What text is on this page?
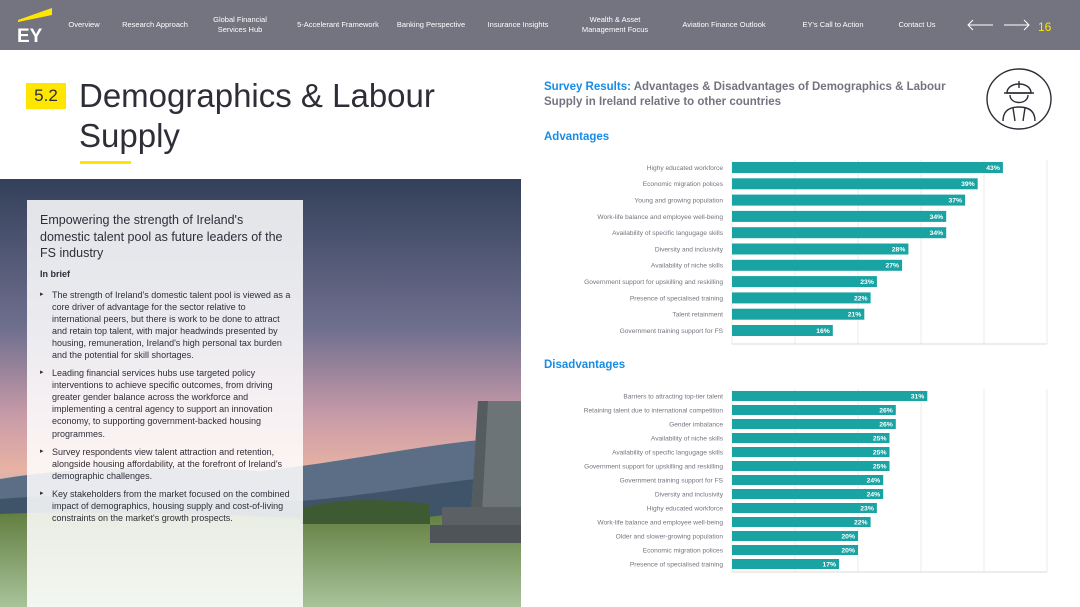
EY
Overview	Research Approach
Global Financial Services Hub
5-Accelerant Framework	Banking Perspective	Insurance Insights
Wealth & Asset Management Focus
Aviation Finance Outlook	EY's Call to Action	Contact Us	16
5.2 Demographics & Labour Supply
Empowering the strength of Ireland's domestic talent pool as future leaders of the FS industry
In brief
▸ The strength of Ireland's domestic talent pool is viewed as a core driver of advantage for the sector relative to international peers, but there is work to be done to attract and retain top talent, with major headwinds presented by housing, remuneration, Ireland's high personal tax burden and the potential for skill shortages.
▸ Leading financial services hubs use targeted policy interventions to achieve specific outcomes, from driving greater gender balance across the workforce and implementing a central agency to support an innovation economy, to supporting government-backed housing programmes.
▸ Survey respondents view talent attraction and retention, alongside housing affordability, at the forefront of Ireland's demographic challenges.
▸ Key stakeholders from the market focused on the combined impact of demographics, housing supply and cost-of-living constraints on the market's growth prospects.
Survey Results: Advantages & Disadvantages of Demographics & Labour Supply in Ireland relative to other countries
Advantages
Highy educated workforce	43%
Economic migration polices	39%
Young and growing population	37%
Work-life balance and employee well-being	34%
Availability of specific langugage skills	34%
Diversity and inclusivity	28%
Availability of niche skills	27%
Government support for upskilling and reskilling	23%
Presence of specialised training	22%
Talent retainment	21%
Government training support for FS	16%
Disadvantages
Barriers to attracting top-tier talent	31%
Retaining talent due to international competition	26%
Gender imbalance	26%
Availability of niche skills	25%
Availability of specific langugage skills	25%
Government support for upskilling and reskilling	25%
Government training support for FS	24%
Diversity and inclusivity	24%
Highy educated workforce	23%
Work-life balance and employee well-being	22%
Older and slower-growing population	20%
Economic migration polices	20%
Presence of specialised training	17%
